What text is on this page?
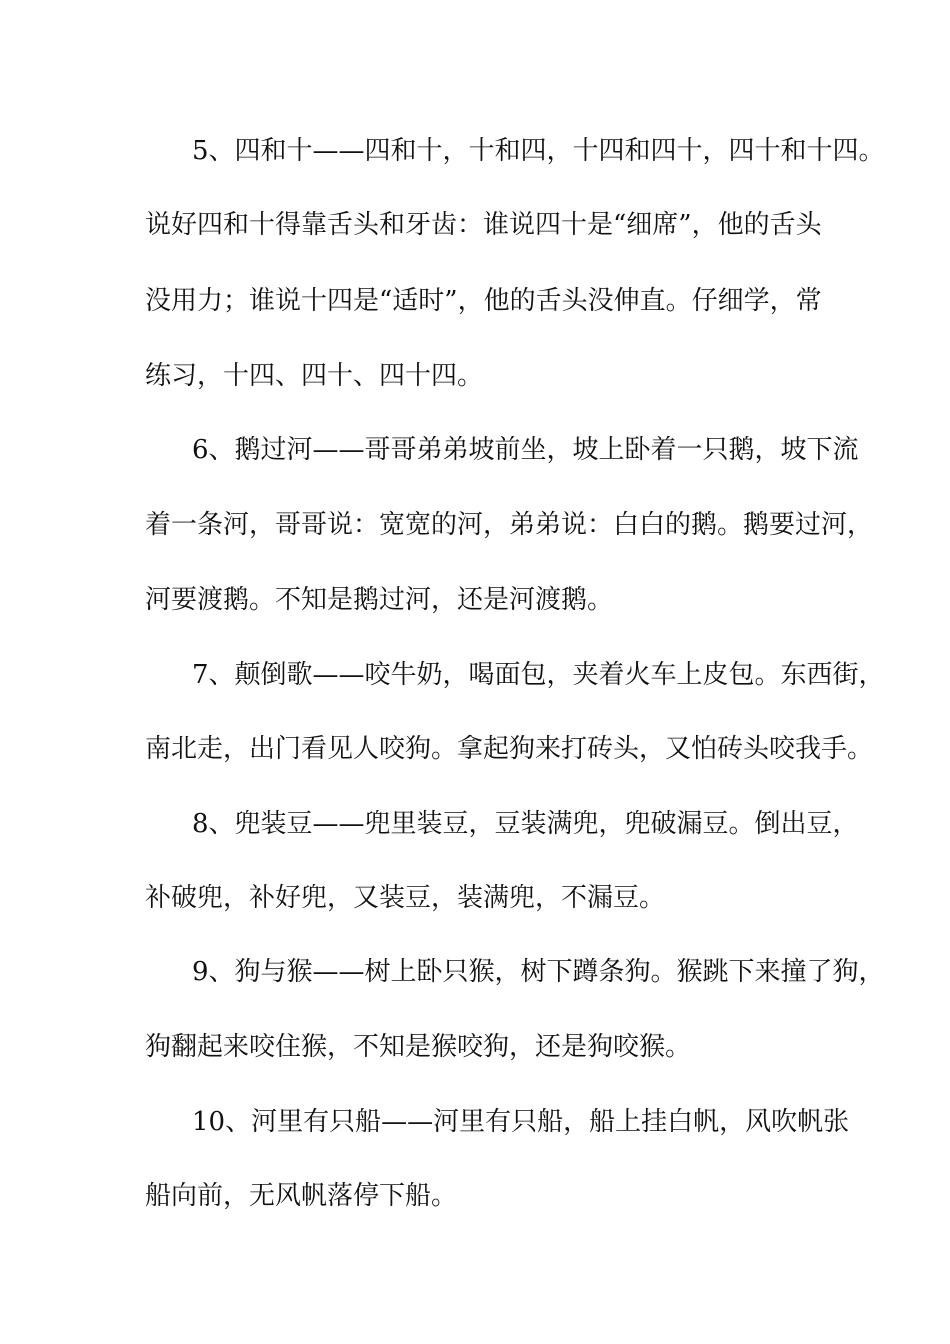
5、四和十——四和十，十和四，十四和四十，四十和十四。
说好四和十得靠舌头和牙齿：谁说四十是“细席”，他的舌头
没用力；谁说十四是“适时”，他的舌头没伸直。仔细学，常
练习，十四、四十、四十四。
6、鹅过河——哥哥弟弟坡前坐，坡上卧着一只鹅，坡下流
着一条河，哥哥说：宽宽的河，弟弟说：白白的鹅。鹅要过河，
河要渡鹅。不知是鹅过河，还是河渡鹅。
7、颠倒歌——咬牛奶，喝面包，夹着火车上皮包。东西街，
南北走，出门看见人咬狗。拿起狗来打砖头，又怕砖头咬我手。
8、兜装豆——兜里装豆，豆装满兜，兜破漏豆。倒出豆，
补破兜，补好兜，又装豆，装满兜，不漏豆。
9、狗与猴——树上卧只猴，树下蹲条狗。猴跳下来撞了狗，
狗翻起来咬住猴，不知是猴咬狗，还是狗咬猴。
10、河里有只船——河里有只船，船上挂白帆，风吹帆张
船向前，无风帆落停下船。
